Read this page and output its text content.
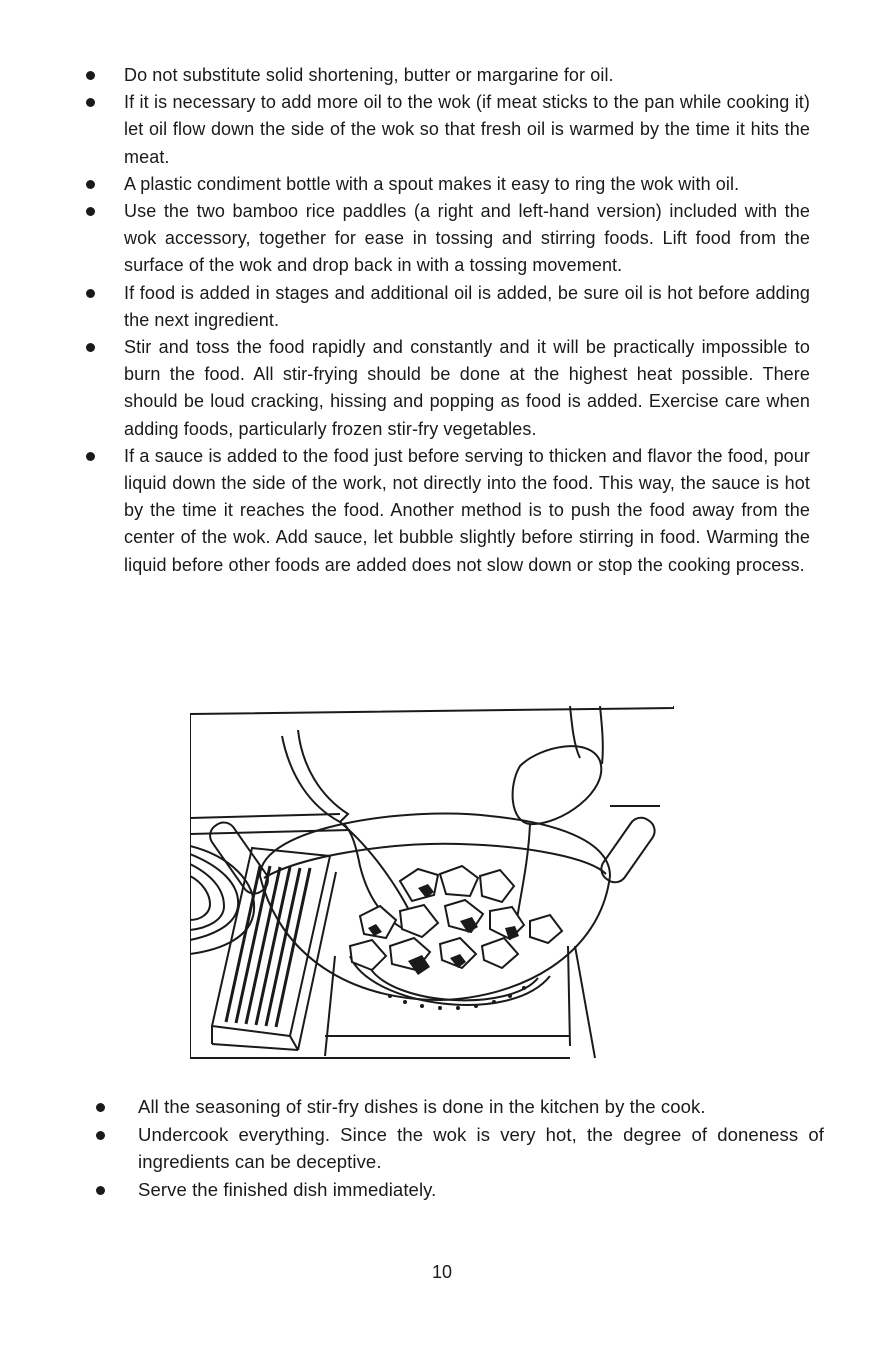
Do not substitute solid shortening, butter or margarine for oil.
If it is necessary to add more oil to the wok (if meat sticks to the pan while cooking it) let oil flow down the side of the wok so that fresh oil is warmed by the time it hits the meat.
A plastic condiment bottle with a spout makes it easy to ring the wok with oil.
Use the two bamboo rice paddles (a right and left-hand version) included with the wok accessory, together for ease in tossing and stirring foods. Lift food from the surface of the wok and drop back in with a tossing movement.
If food is added in stages and additional oil is added, be sure oil is hot before adding the next ingredient.
Stir and toss the food rapidly and constantly and it will be practically impossible to burn the food. All stir-frying should be done at the highest heat possible. There should be loud cracking, hissing and popping as food is added. Exercise care when adding foods, particularly frozen stir-fry vegetables.
If a sauce is added to the food just before serving to thicken and flavor the food, pour liquid down the side of the work, not directly into the food. This way, the sauce is hot by the time it reaches the food. Another method is to push the food away from the center of the wok. Add sauce, let bubble slightly before stirring in food. Warming the liquid before other foods are added does not slow down or stop the cooking process.
All the seasoning of stir-fry dishes is done in the kitchen by the cook.
Undercook everything. Since the wok is very hot, the degree of doneness of ingredients can be deceptive.
Serve the finished dish immediately.
10
